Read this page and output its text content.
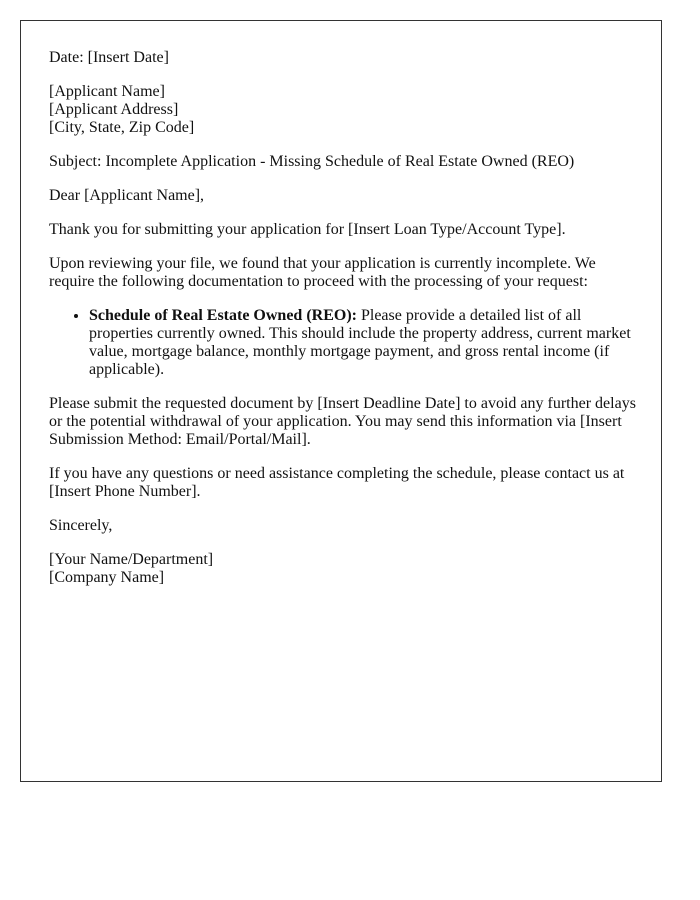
Date: [Insert Date]

[Applicant Name]
[Applicant Address]
[City, State, Zip Code]

Subject: Incomplete Application - Missing Schedule of Real Estate Owned (REO)

Dear [Applicant Name],

Thank you for submitting your application for [Insert Loan Type/Account Type].

Upon reviewing your file, we found that your application is currently incomplete. We require the following documentation to proceed with the processing of your request:

• Schedule of Real Estate Owned (REO): Please provide a detailed list of all properties currently owned. This should include the property address, current market value, mortgage balance, monthly mortgage payment, and gross rental income (if applicable).

Please submit the requested document by [Insert Deadline Date] to avoid any further delays or the potential withdrawal of your application. You may send this information via [Insert Submission Method: Email/Portal/Mail].

If you have any questions or need assistance completing the schedule, please contact us at [Insert Phone Number].

Sincerely,

[Your Name/Department]
[Company Name]
